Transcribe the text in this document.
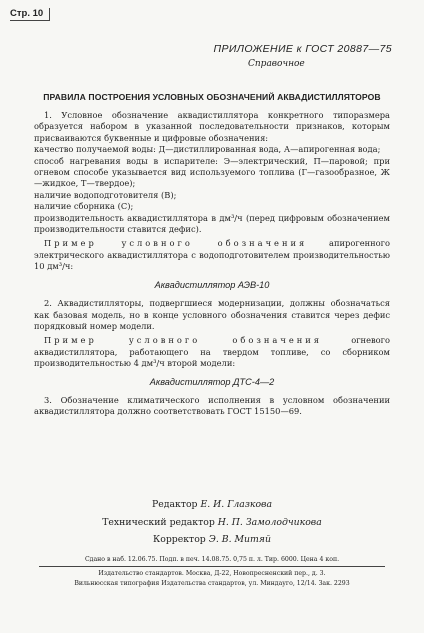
Стр. 10
ПРИЛОЖЕНИЕ к ГОСТ 20887—75
Справочное
ПРАВИЛА ПОСТРОЕНИЯ УСЛОВНЫХ ОБОЗНАЧЕНИЙ АКВАДИСТИЛЛЯТОРОВ

1. Условное обозначение аквадистиллятора конкретного типоразмера образуется набором в указанной последовательности признаков, которым присваиваются буквенные и цифровые обозначения:

качество получаемой воды: Д—дистиллированная вода, А—апирогенная вода;

способ нагревания воды в испарителе: Э—электрический, П—паровой; при огневом способе указывается вид используемого топлива (Г—газообразное, Ж—жидкое, Т—твердое);

наличие водоподготовителя (В);

наличие сборника (С);

производительность аквадистиллятора в дм³/ч (перед цифровым обозначением производительности ставится дефис).

Пример условного обозначения	апирогенного электрического аквадистиллятора с водоподготовителем производительностью 10 дм³/ч:

Аквадистиллятор АЭВ-10

2. Аквадистилляторы, подвергшиеся модернизации, должны обозначаться как базовая модель, но в конце условного обозначения ставится через дефис порядковый номер модели.

Пример условного обозначения	огневого аквадистиллятора, работающего на твердом топливе, со сборником производительностью 4 дм³/ч второй модели:

Аквадистиллятор ДТС-4—2

3. Обозначение климатического исполнения в условном обозначении аквадистиллятора должно соответствовать ГОСТ 15150—69.

Редактор Е. И. Глазкова
Технический редактор Н. П. Замолодчикова
Корректор Э. В. Митяй
Сдано в наб. 12.06.75. Подп. в печ. 14.08.75. 0,75 п. л. Тир. 6000. Цена 4 коп.
Издательство стандартов. Москва, Д-22, Новопресненский пер., д. 3.
Вильнюсская типография Издательства стандартов, ул. Миндауго, 12/14. Зак. 2293
